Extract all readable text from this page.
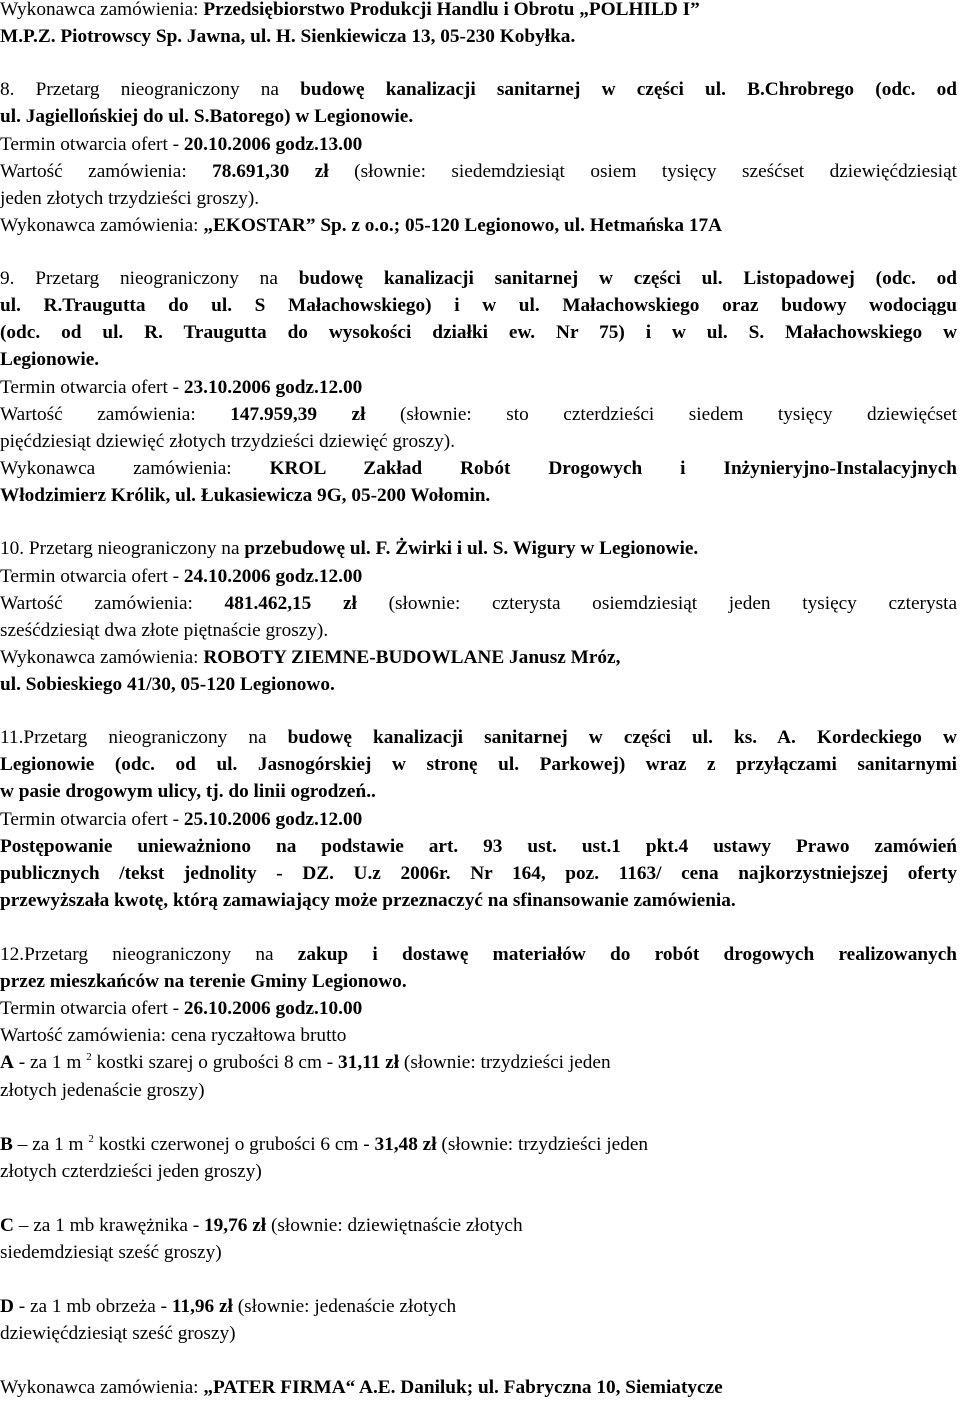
Wykonawca zamówienia: Przedsiębiorstwo Produkcji Handlu i Obrotu „POLHILD I”

M.P.Z. Piotrowscy Sp. Jawna, ul. H. Sienkiewicza 13, 05-230 Kobyłka.

8. Przetarg nieograniczony na budowę kanalizacji sanitarnej w części ul. B.Chrobrego (odc. od

ul. Jagiellońskiej do ul. S.Batorego) w Legionowie.

Termin otwarcia ofert - 20.10.2006 godz.13.00

Wartość zamówienia: 78.691,30 zł (słownie: siedemdziesiąt osiem tysięcy sześćset dziewięćdziesiąt

jeden złotych trzydzieści groszy).

Wykonawca zamówienia: „EKOSTAR” Sp. z o.o.; 05-120 Legionowo, ul. Hetmańska 17A

9. Przetarg nieograniczony na budowę kanalizacji sanitarnej w części ul. Listopadowej (odc. od

ul. R.Traugutta do ul. S Małachowskiego) i w ul. Małachowskiego oraz budowy wodociągu

(odc. od ul. R. Traugutta do wysokości działki ew. Nr 75) i w ul. S. Małachowskiego w

Legionowie.

Termin otwarcia ofert - 23.10.2006 godz.12.00

Wartość zamówienia: 147.959,39 zł (słownie: sto czterdzieści siedem tysięcy dziewięćset

pięćdziesiąt dziewięć złotych trzydzieści dziewięć groszy).

Wykonawca zamówienia: KROL Zakład Robót Drogowych i Inżynieryjno-Instalacyjnych

Włodzimierz Królik, ul. Łukasiewicza 9G, 05-200 Wołomin.

10. Przetarg nieograniczony na przebudowę ul. F. Żwirki i ul. S. Wigury w Legionowie.

Termin otwarcia ofert - 24.10.2006 godz.12.00

Wartość zamówienia: 481.462,15 zł (słownie: czterysta osiemdziesiąt jeden tysięcy czterysta

sześćdziesiąt dwa złote piętnaście groszy).

Wykonawca zamówienia: ROBOTY ZIEMNE-BUDOWLANE Janusz Mróz,

ul. Sobieskiego 41/30, 05-120 Legionowo.

11.Przetarg nieograniczony na budowę kanalizacji sanitarnej w części ul. ks. A. Kordeckiego w

Legionowie (odc. od ul. Jasnogórskiej w stronę ul. Parkowej) wraz z przyłączami sanitarnymi

w pasie drogowym ulicy, tj. do linii ogrodzeń..

Termin otwarcia ofert - 25.10.2006 godz.12.00

Postępowanie unieważniono na podstawie art. 93 ust. ust.1 pkt.4 ustawy Prawo zamówień

publicznych /tekst jednolity - DZ. U.z 2006r. Nr 164, poz. 1163/ cena najkorzystniejszej oferty

przewyższała kwotę, którą zamawiający może przeznaczyć na sfinansowanie zamówienia.

12.Przetarg nieograniczony na zakup i dostawę materiałów do robót drogowych realizowanych

przez mieszkańców na terenie Gminy Legionowo.

Termin otwarcia ofert - 26.10.2006 godz.10.00

Wartość zamówienia: cena ryczałtowa brutto

A - za 1 m $^2$ kostki szarej o grubości 8 cm - 31,11 zł (słownie: trzydzieści jeden

złotych jedenaście groszy)

B – za 1 m $^2$ kostki czerwonej o grubości 6 cm - 31,48 zł (słownie: trzydzieści jeden

złotych czterdzieści jeden groszy)

C – za 1 mb krawężnika - 19,76 zł (słownie: dziewiętnaście złotych

siedemdziesiąt sześć groszy)

D - za 1 mb obrzeża - 11,96 zł (słownie: jedenaście złotych

dziewięćdziesiąt sześć groszy)

Wykonawca zamówienia: „PATER FIRMA“ A.E. Daniluk; ul. Fabryczna 10, Siemiatycze
